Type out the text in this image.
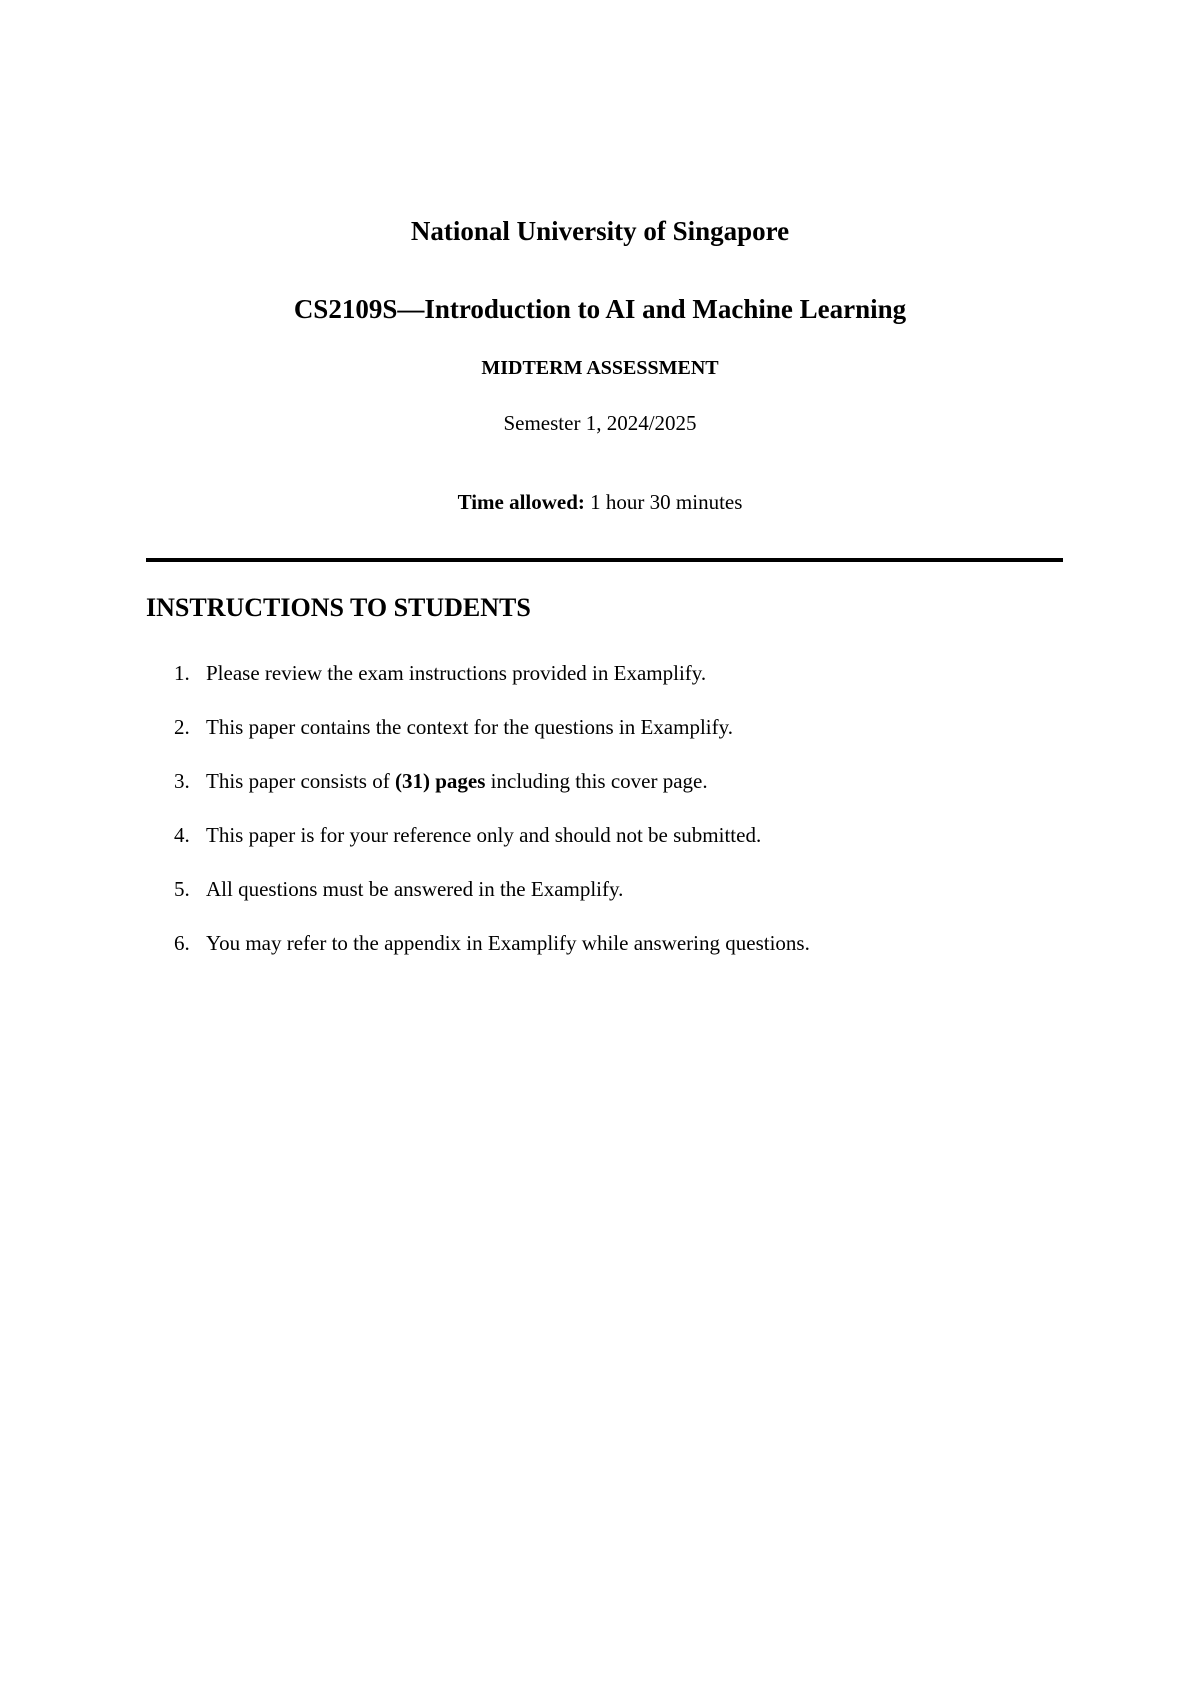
National University of Singapore
CS2109S—Introduction to AI and Machine Learning
MIDTERM ASSESSMENT
Semester 1, 2024/2025
Time allowed: 1 hour 30 minutes
INSTRUCTIONS TO STUDENTS
1. Please review the exam instructions provided in Examplify.
2. This paper contains the context for the questions in Examplify.
3. This paper consists of (31) pages including this cover page.
4. This paper is for your reference only and should not be submitted.
5. All questions must be answered in the Examplify.
6. You may refer to the appendix in Examplify while answering questions.
